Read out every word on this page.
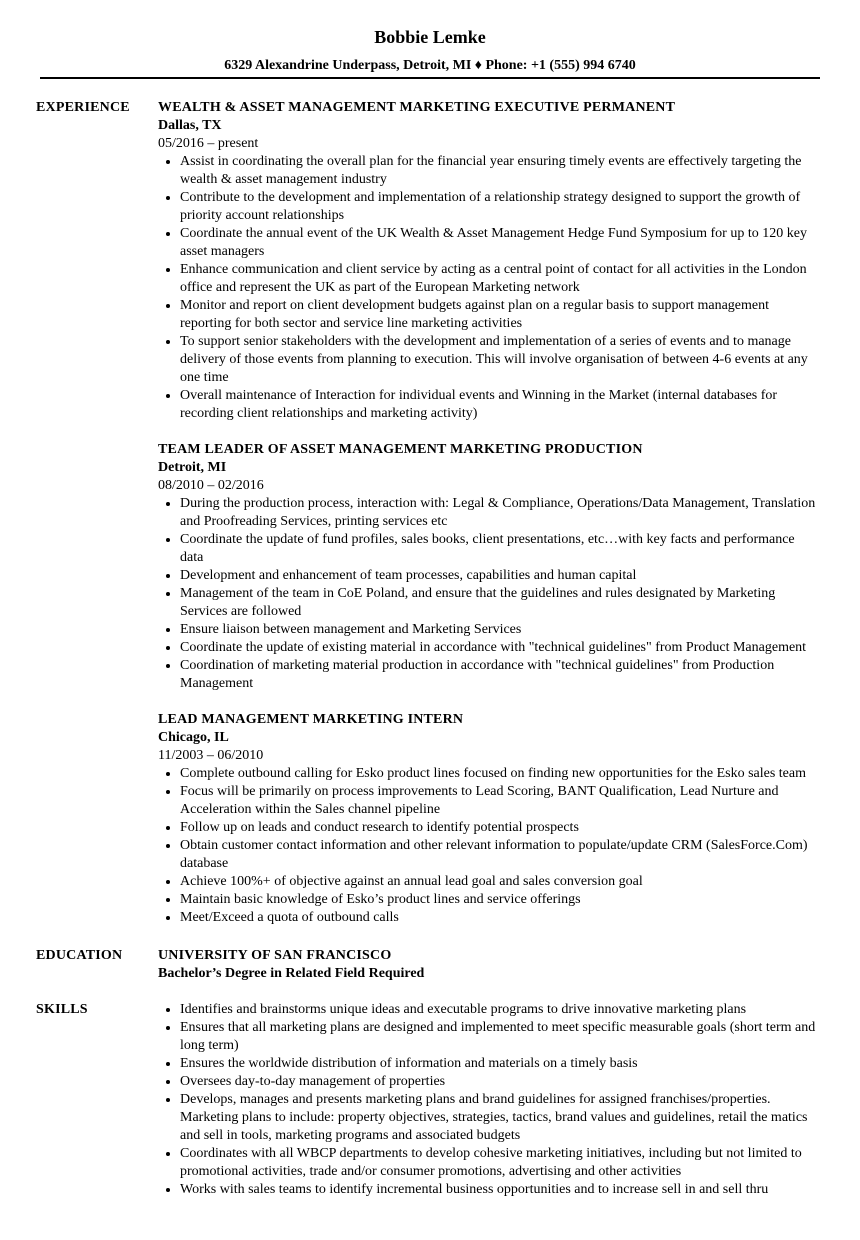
Bobbie Lemke
6329 Alexandrine Underpass, Detroit, MI ♦ Phone: +1 (555) 994 6740
EXPERIENCE WEALTH & ASSET MANAGEMENT MARKETING EXECUTIVE PERMANENT
Dallas, TX
05/2016 – present
• Assist in coordinating the overall plan for the financial year ensuring timely events are effectively targeting the wealth & asset management industry
• Contribute to the development and implementation of a relationship strategy designed to support the growth of priority account relationships
• Coordinate the annual event of the UK Wealth & Asset Management Hedge Fund Symposium for up to 120 key asset managers
• Enhance communication and client service by acting as a central point of contact for all activities in the London office and represent the UK as part of the European Marketing network
• Monitor and report on client development budgets against plan on a regular basis to support management reporting for both sector and service line marketing activities
• To support senior stakeholders with the development and implementation of a series of events and to manage delivery of those events from planning to execution. This will involve organisation of between 4-6 events at any one time
• Overall maintenance of Interaction for individual events and Winning in the Market (internal databases for recording client relationships and marketing activity)
TEAM LEADER OF ASSET MANAGEMENT MARKETING PRODUCTION
Detroit, MI
08/2010 – 02/2016
• During the production process, interaction with: Legal & Compliance, Operations/Data Management, Translation and Proofreading Services, printing services etc
• Coordinate the update of fund profiles, sales books, client presentations, etc…with key facts and performance data
• Development and enhancement of team processes, capabilities and human capital
• Management of the team in CoE Poland, and ensure that the guidelines and rules designated by Marketing Services are followed
• Ensure liaison between management and Marketing Services
• Coordinate the update of existing material in accordance with "technical guidelines" from Product Management
• Coordination of marketing material production in accordance with "technical guidelines" from Production Management
LEAD MANAGEMENT MARKETING INTERN
Chicago, IL
11/2003 – 06/2010
• Complete outbound calling for Esko product lines focused on finding new opportunities for the Esko sales team
• Focus will be primarily on process improvements to Lead Scoring, BANT Qualification, Lead Nurture and Acceleration within the Sales channel pipeline
• Follow up on leads and conduct research to identify potential prospects
• Obtain customer contact information and other relevant information to populate/update CRM (SalesForce.Com) database
• Achieve 100%+ of objective against an annual lead goal and sales conversion goal
• Maintain basic knowledge of Esko’s product lines and service offerings
• Meet/Exceed a quota of outbound calls
EDUCATION	UNIVERSITY OF SAN FRANCISCO
Bachelor’s Degree in Related Field Required
SKILLS
•	Identifies and brainstorms unique ideas and executable programs to drive innovative marketing plans
• Ensures that all marketing plans are designed and implemented to meet specific measurable goals (short term and long term)
• Ensures the worldwide distribution of information and materials on a timely basis
• Oversees day-to-day management of properties
• Develops, manages and presents marketing plans and brand guidelines for assigned franchises/properties. Marketing plans to include: property objectives, strategies, tactics, brand values and guidelines, retail the matics and sell in tools, marketing programs and associated budgets
• Coordinates with all WBCP departments to develop cohesive marketing initiatives, including but not limited to promotional activities, trade and/or consumer promotions, advertising and other activities
• Works with sales teams to identify incremental business opportunities and to increase sell in and sell thru
